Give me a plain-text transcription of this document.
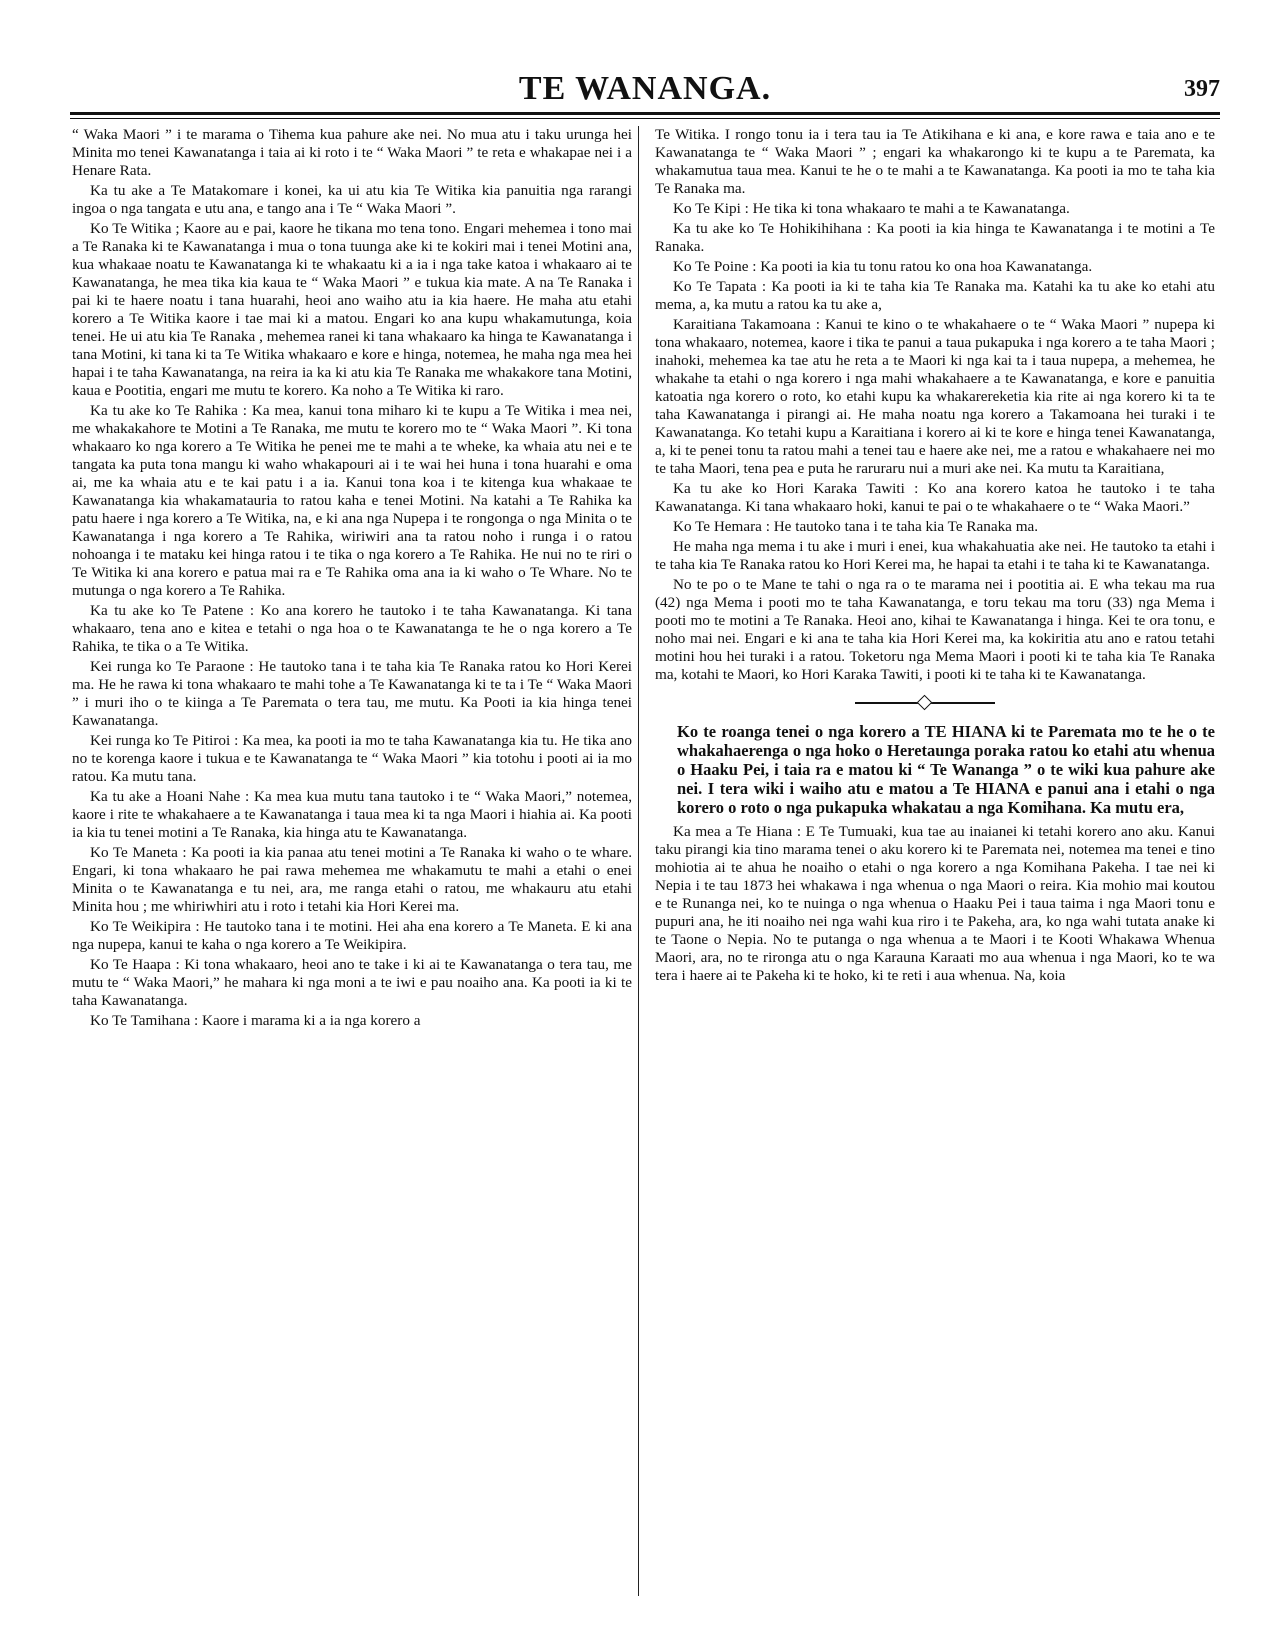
TE WANANGA.	397

“ Waka Maori ” i te marama o Tihema kua pahure ake nei. No mua atu i taku urunga hei Minita mo tenei Kawanatanga i taia ai ki roto i te “ Waka Maori ” te reta e whakapae nei i a Henare Rata.

Ka tu ake a Te Matakomare i konei, ka ui atu kia Te Witika kia panuitia nga rarangi ingoa o nga tangata e utu ana, e tango ana i Te “ Waka Maori ”.

Ko Te Witika ; Kaore au e pai, kaore he tikana mo tena tono. Engari mehemea i tono mai a Te Ranaka ki te Kawanatanga i mua o tona tuunga ake ki te kokiri mai i tenei Motini ana, kua whakaae noatu te Kawanatanga ki te whakaatu ki a ia i nga take katoa i whakaaro ai te Kawanatanga, he mea tika kia kaua te “ Waka Maori ” e tukua kia mate. A na Te Ranaka i pai ki te haere noatu i tana huarahi, heoi ano waiho atu ia kia haere. He maha atu etahi korero a Te Witika kaore i tae mai ki a matou. Engari ko ana kupu whakamutunga, koia tenei. He ui atu kia Te Ranaka , mehemea ranei ki tana whakaaro ka hinga te Kawanatanga i tana Motini, ki tana ki ta Te Witika whakaaro e kore e hinga, notemea, he maha nga mea hei hapai i te taha Kawanatanga, na reira ia ka ki atu kia Te Ranaka me whakakore tana Motini, kaua e Pootitia, engari me mutu te korero. Ka noho a Te Witika ki raro.

Ka tu ake ko Te Rahika : Ka mea, kanui tona miharo ki te kupu a Te Witika i mea nei, me whakakahore te Motini a Te Ranaka, me mutu te korero mo te “ Waka Maori ”. Ki tona whakaaro ko nga korero a Te Witika he penei me te mahi a te wheke, ka whaia atu nei e te tangata ka puta tona mangu ki waho whakapouri ai i te wai hei huna i tona huarahi e oma ai, me ka whaia atu e te kai patu i a ia. Kanui tona koa i te kitenga kua whakaae te Kawanatanga kia whakamatauria to ratou kaha e tenei Motini. Na katahi a Te Rahika ka patu haere i nga korero a Te Witika, na, e ki ana nga Nupepa i te rongonga o nga Minita o te Kawanatanga i nga korero a Te Rahika, wiriwiri ana ta ratou noho i runga i o ratou nohoanga i te mataku kei hinga ratou i te tika o nga korero a Te Rahika. He nui no te riri o Te Witika ki ana korero e patua mai ra e Te Rahika oma ana ia ki waho o Te Whare. No te mutunga o nga korero a Te Rahika.

Ka tu ake ko Te Patene : Ko ana korero he tautoko i te taha Kawanatanga. Ki tana whakaaro, tena ano e kitea e tetahi o nga hoa o te Kawanatanga te he o nga korero a Te Rahika, te tika o a Te Witika.

Kei runga ko Te Paraone : He tautoko tana i te taha kia Te Ranaka ratou ko Hori Kerei ma. He he rawa ki tona whakaaro te mahi tohe a Te Kawanatanga ki te ta i Te “ Waka Maori ” i muri iho o te kiinga a Te Paremata o tera tau, me mutu. Ka Pooti ia kia hinga tenei Kawanatanga.

Kei runga ko Te Pitiroi : Ka mea, ka pooti ia mo te taha Kawanatanga kia tu. He tika ano no te korenga kaore i tukua e te Kawanatanga te “ Waka Maori ” kia totohu i pooti ai ia mo ratou. Ka mutu tana.

Ka tu ake a Hoani Nahe : Ka mea kua mutu tana tautoko i te “ Waka Maori,” notemea, kaore i rite te whakahaere a te Kawanatanga i taua mea ki ta nga Maori i hiahia ai. Ka pooti ia kia tu tenei motini a Te Ranaka, kia hinga atu te Kawanatanga.

Ko Te Maneta : Ka pooti ia kia panaa atu tenei motini a Te Ranaka ki waho o te whare. Engari, ki tona whakaaro he pai rawa mehemea me whakamutu te mahi a etahi o enei Minita o te Kawanatanga e tu nei, ara, me ranga etahi o ratou, me whakauru atu etahi Minita hou ; me whiriwhiri atu i roto i tetahi kia Hori Kerei ma.

Ko Te Weikipira : He tautoko tana i te motini. Hei aha ena korero a Te Maneta. E ki ana nga nupepa, kanui te kaha o nga korero a Te Weikipira.

Ko Te Haapa : Ki tona whakaaro, heoi ano te take i ki ai te Kawanatanga o tera tau, me mutu te “ Waka Maori,” he mahara ki nga moni a te iwi e pau noaiho ana. Ka pooti ia ki te taha Kawanatanga.

Ko Te Tamihana : Kaore i marama ki a ia nga korero a

Te Witika. I rongo tonu ia i tera tau ia Te Atikihana e ki ana, e kore rawa e taia ano e te Kawanatanga te “ Waka Maori ” ; engari ka whakarongo ki te kupu a te Paremata, ka whakamutua taua mea. Kanui te he o te mahi a te Kawanatanga. Ka pooti ia mo te taha kia Te Ranaka ma.

Ko Te Kipi : He tika ki tona whakaaro te mahi a te Kawanatanga.

Ka tu ake ko Te Hohikihihana : Ka pooti ia kia hinga te Kawanatanga i te motini a Te Ranaka.

Ko Te Poine : Ka pooti ia kia tu tonu ratou ko ona hoa Kawanatanga.

Ko Te Tapata : Ka pooti ia ki te taha kia Te Ranaka ma. Katahi ka tu ake ko etahi atu mema, a, ka mutu a ratou ka tu ake a,

Karaitiana Takamoana : Kanui te kino o te whakahaere o te “ Waka Maori ” nupepa ki tona whakaaro, notemea, kaore i tika te panui a taua pukapuka i nga korero a te taha Maori ; inahoki, mehemea ka tae atu he reta a te Maori ki nga kai ta i taua nupepa, a mehemea, he whakahe ta etahi o nga korero i nga mahi whakahaere a te Kawanatanga, e kore e panuitia katoatia nga korero o roto, ko etahi kupu ka whakarereketia kia rite ai nga korero ki ta te taha Kawanatanga i pirangi ai. He maha noatu nga korero a Takamoana hei turaki i te Kawanatanga. Ko tetahi kupu a Karaitiana i korero ai ki te kore e hinga tenei Kawanatanga, a, ki te penei tonu ta ratou mahi a tenei tau e haere ake nei, me a ratou e whakahaere nei mo te taha Maori, tena pea e puta he raruraru nui a muri ake nei. Ka mutu ta Karaitiana,

Ka tu ake ko Hori Karaka Tawiti : Ko ana korero katoa he tautoko i te taha Kawanatanga. Ki tana whakaaro hoki, kanui te pai o te whakahaere o te “ Waka Maori.”

Ko Te Hemara : He tautoko tana i te taha kia Te Ranaka ma.

He maha nga mema i tu ake i muri i enei, kua whakahuatia ake nei. He tautoko ta etahi i te taha kia Te Ranaka ratou ko Hori Kerei ma, he hapai ta etahi i te taha ki te Kawanatanga.

No te po o te Mane te tahi o nga ra o te marama nei i pootitia ai. E wha tekau ma rua (42) nga Mema i pooti mo te taha Kawanatanga, e toru tekau ma toru (33) nga Mema i pooti mo te motini a Te Ranaka. Heoi ano, kihai te Kawanatanga i hinga. Kei te ora tonu, e noho mai nei. Engari e ki ana te taha kia Hori Kerei ma, ka kokiritia atu ano e ratou tetahi motini hou hei turaki i a ratou. Toketoru nga Mema Maori i pooti ki te taha kia Te Ranaka ma, kotahi te Maori, ko Hori Karaka Tawiti, i pooti ki te taha ki te Kawanatanga.

Ko te roanga tenei o nga korero a TE HIANA ki te Paremata mo te he o te whakahaerenga o nga hoko o Heretaunga poraka ratou ko etahi atu whenua o Haaku Pei, i taia ra e matou ki “ Te Wananga ” o te wiki kua pahure ake nei. I tera wiki i waiho atu e matou a Te HIANA e panui ana i etahi o nga korero o roto o nga pukapuka whakatau a nga Komihana. Ka mutu era,

Ka mea a Te Hiana : E Te Tumuaki, kua tae au inaianei ki tetahi korero ano aku. Kanui taku pirangi kia tino marama tenei o aku korero ki te Paremata nei, notemea ma tenei e tino mohiotia ai te ahua he noaiho o etahi o nga korero a nga Komihana Pakeha. I tae nei ki Nepia i te tau 1873 hei whakawa i nga whenua o nga Maori o reira. Kia mohio mai koutou e te Runanga nei, ko te nuinga o nga whenua o Haaku Pei i taua taima i nga Maori tonu e pupuri ana, he iti noaiho nei nga wahi kua riro i te Pakeha, ara, ko nga wahi tutata anake ki te Taone o Nepia. No te putanga o nga whenua a te Maori i te Kooti Whakawa Whenua Maori, ara, no te rironga atu o nga Karauna Karaati mo aua whenua i nga Maori, ko te wa tera i haere ai te Pakeha ki te hoko, ki te reti i aua whenua. Na, koia
